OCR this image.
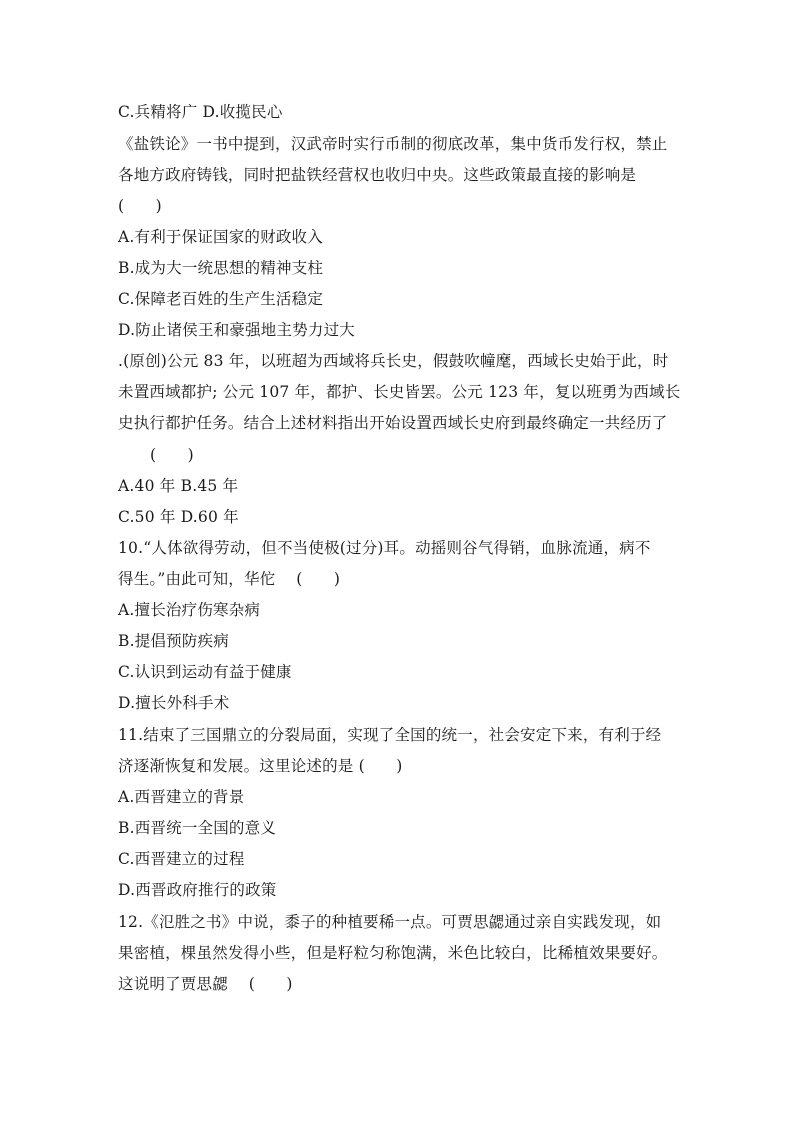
C.兵精将广 D.收揽民心
《盐铁论》一书中提到，汉武帝时实行币制的彻底改革，集中货币发行权，禁止
各地方政府铸钱，同时把盐铁经营权也收归中央。这些政策最直接的影响是
(　　)
A.有利于保证国家的财政收入
B.成为大一统思想的精神支柱
C.保障老百姓的生产生活稳定
D.防止诸侯王和豪强地主势力过大
.(原创)公元 83 年，以班超为西域将兵长史，假鼓吹幢麾，西域长史始于此，时
未置西域都护; 公元 107 年，都护、长史皆罢。公元 123 年，复以班勇为西域长
史执行都护任务。结合上述材料指出开始设置西域长史府到最终确定一共经历了
(　　)
A.40 年 B.45 年
C.50 年 D.60 年
10.“人体欲得劳动，但不当使极(过分)耳。动摇则谷气得销，血脉流通，病不
得生。”由此可知，华佗　 (　　)
A.擅长治疗伤寒杂病
B.提倡预防疾病
C.认识到运动有益于健康
D.擅长外科手术
11.结束了三国鼎立的分裂局面，实现了全国的统一，社会安定下来，有利于经
济逐渐恢复和发展。这里论述的是 (　　)
A.西晋建立的背景
B.西晋统一全国的意义
C.西晋建立的过程
D.西晋政府推行的政策
12.《氾胜之书》中说，黍子的种植要稀一点。可贾思勰通过亲自实践发现，如
果密植，棵虽然发得小些，但是籽粒匀称饱满，米色比较白，比稀植效果要好。
这说明了贾思勰　 (　　)
